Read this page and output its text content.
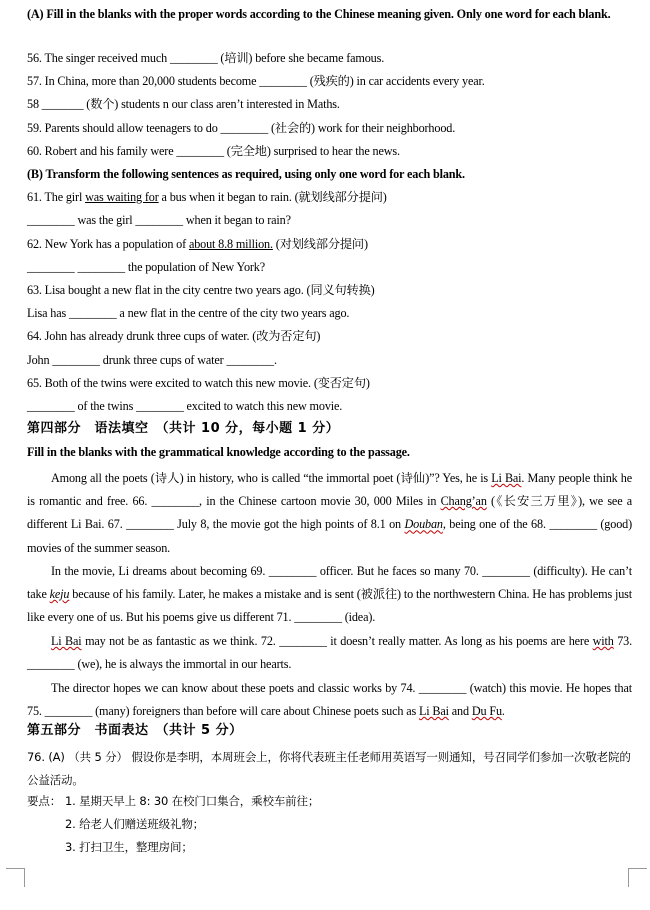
(A) Fill in the blanks with the proper words according to the Chinese meaning given. Only one word for each blank.
56. The singer received much ________ (培训) before she became famous.
57. In China, more than 20,000 students become ________ (残疾的) in car accidents every year.
58 _______ (数个) students n our class aren’t interested in Maths.
59. Parents should allow teenagers to do ________ (社会的) work for their neighborhood.
60. Robert and his family were ________ (完全地) surprised to hear the news.
(B) Transform the following sentences as required, using only one word for each blank.
61. The girl was waiting for a bus when it began to rain. (就划线部分提问)
________ was the girl ________ when it began to rain?
62. New York has a population of about 8.8 million. (对划线部分提问)
________ ________ the population of New York?
63. Lisa bought a new flat in the city centre two years ago. (同义句转换)
Lisa has ________ a new flat in the centre of the city two years ago.
64. John has already drunk three cups of water. (改为否定句)
John ________ drunk three cups of water ________.
65. Both of the twins were excited to watch this new movie. (变否定句)
________ of the twins ________ excited to watch this new movie.
第四部分　语法填空　（共计 10 分，每小题 1 分）
Fill in the blanks with the grammatical knowledge according to the passage.
Among all the poets (诗人) in history, who is called “the immortal poet (诗仙)”? Yes, he is Li Bai. Many people think he is romantic and free. 66. ________, in the Chinese cartoon movie 30, 000 Miles in Chang’an (《长安三万里》), we see a different Li Bai. 67. ________ July 8, the movie got the high points of 8.1 on Douban, being one of the 68. ________ (good) movies of the summer season.
In the movie, Li dreams about becoming 69. ________ officer. But he faces so many 70. ________ (difficulty). He can’t take keju because of his family. Later, he makes a mistake and is sent (被派往) to the northwestern China. He has problems just like every one of us. But his poems give us different 71. ________ (idea).
Li Bai may not be as fantastic as we think. 72. ________ it doesn’t really matter. As long as his poems are here with 73. ________ (we), he is always the immortal in our hearts.
The director hopes we can know about these poets and classic works by 74. ________ (watch) this movie. He hopes that 75. ________ (many) foreigners than before will care about Chinese poets such as Li Bai and Du Fu.
第五部分　书面表达　（共计 5 分）
76. (A) （共 5 分） 假设你是李明，本周班会上，你将代表班主任老师用英语写一则通知，号召同学们参加一次敬老院的公益活动。
要点： 1. 星期天早上 8: 30 在校门口集合，乘校车前往；
2. 给老人们赠送班级礼物；
3. 打扫卫生，整理房间；
